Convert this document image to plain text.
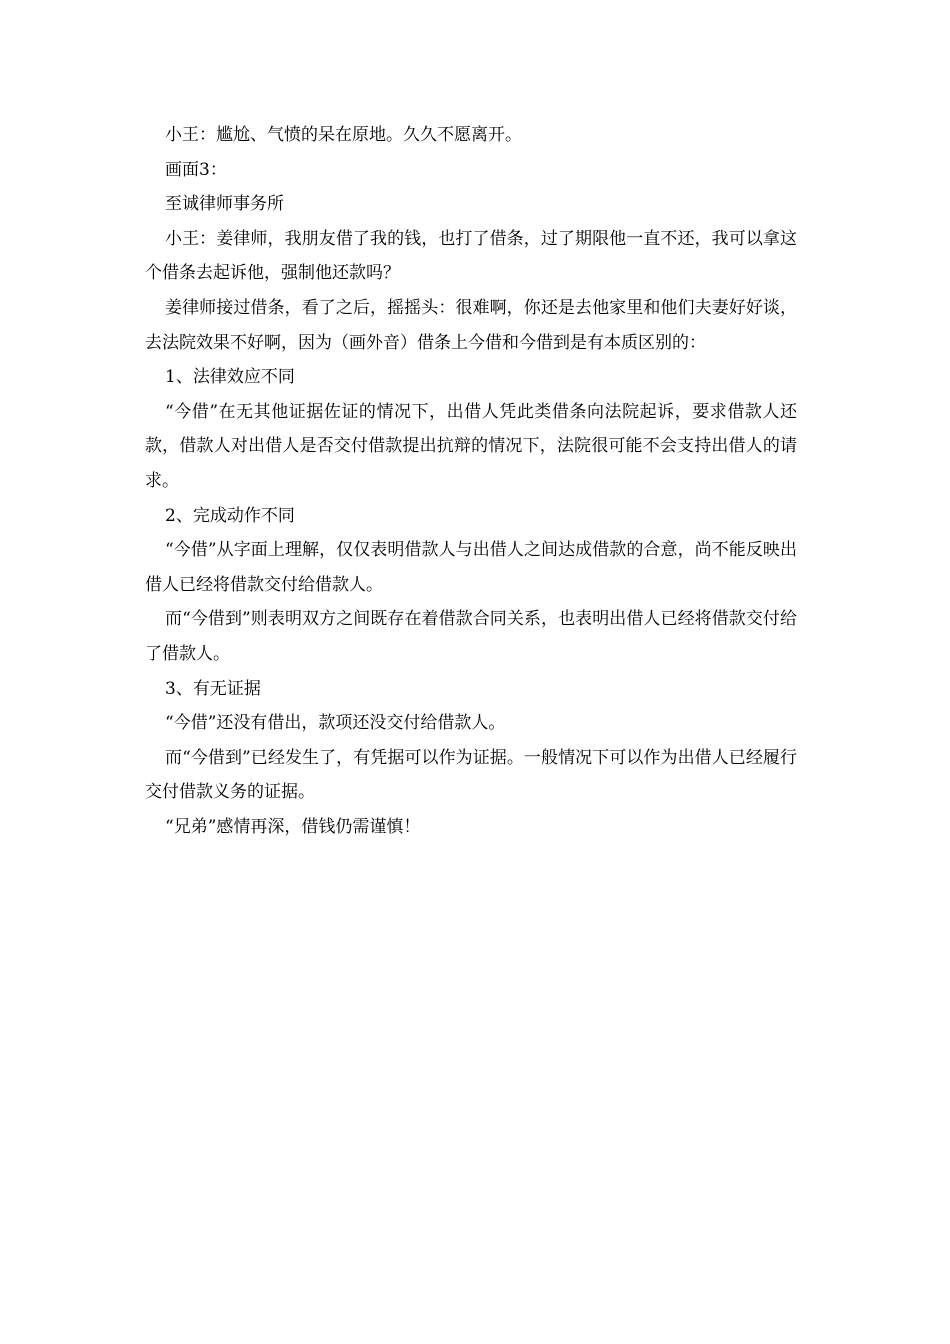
小王：尴尬、气愤的呆在原地。久久不愿离开。

画面3：

至诚律师事务所

小王：姜律师，我朋友借了我的钱，也打了借条，过了期限他一直不还，我可以拿这个借条去起诉他，强制他还款吗？

姜律师接过借条，看了之后，摇摇头：很难啊，你还是去他家里和他们夫妻好好谈，去法院效果不好啊，因为（画外音）借条上今借和今借到是有本质区别的：

1、法律效应不同

“今借”在无其他证据佐证的情况下，出借人凭此类借条向法院起诉，要求借款人还款，借款人对出借人是否交付借款提出抗辩的情况下，法院很可能不会支持出借人的请求。

2、完成动作不同

“今借”从字面上理解，仅仅表明借款人与出借人之间达成借款的合意，尚不能反映出借人已经将借款交付给借款人。

而“今借到”则表明双方之间既存在着借款合同关系，也表明出借人已经将借款交付给了借款人。

3、有无证据

“今借”还没有借出，款项还没交付给借款人。

而“今借到”已经发生了，有凭据可以作为证据。一般情况下可以作为出借人已经履行交付借款义务的证据。

“兄弟”感情再深，借钱仍需谨慎！
